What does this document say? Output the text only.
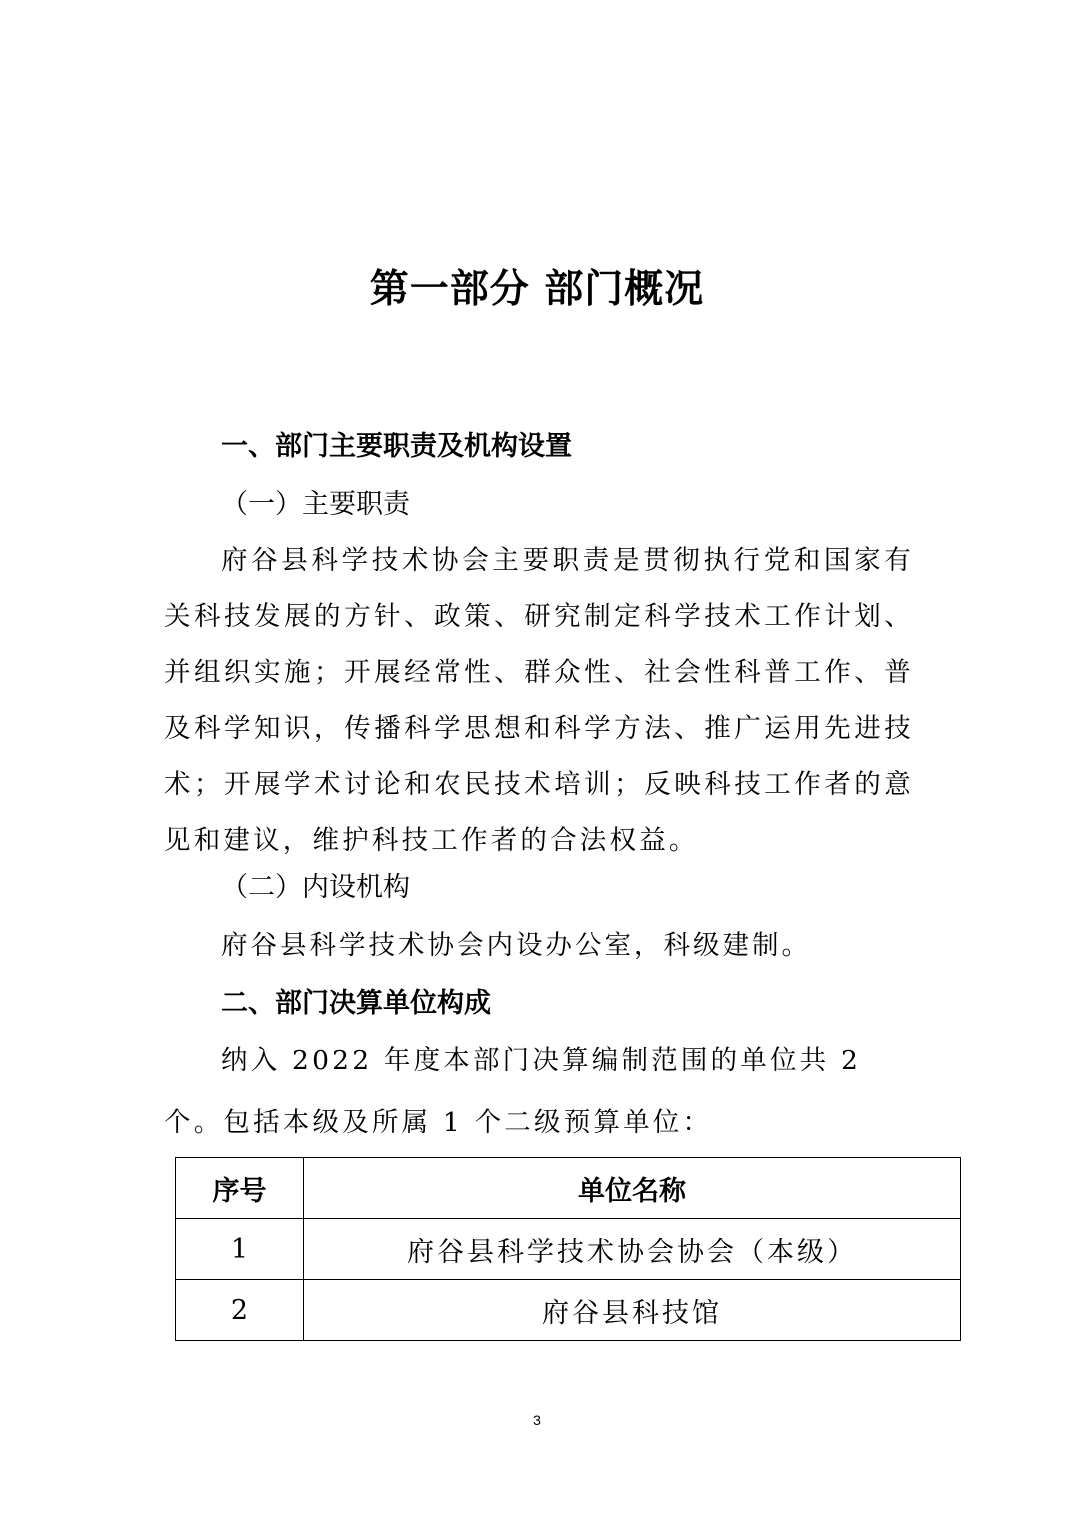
第一部分 部门概况
一、部门主要职责及机构设置
（一）主要职责
府谷县科学技术协会主要职责是贯彻执行党和国家有关科技发展的方针、政策、研究制定科学技术工作计划、并组织实施；开展经常性、群众性、社会性科普工作、普及科学知识，传播科学思想和科学方法、推广运用先进技术；开展学术讨论和农民技术培训；反映科技工作者的意见和建议，维护科技工作者的合法权益。
（二）内设机构
府谷县科学技术协会内设办公室，科级建制。
二、部门决算单位构成
纳入 2022 年度本部门决算编制范围的单位共 2 个。包括本级及所属 1 个二级预算单位：
序号	单位名称
1	府谷县科学技术协会协会（本级）
2	府谷县科技馆
3
